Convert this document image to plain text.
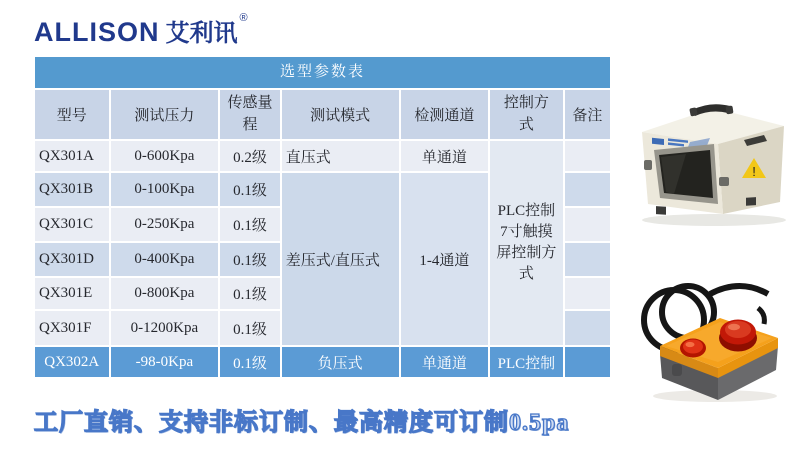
ALLISON 艾利讯®
选型参数表
型号	测试压力	传感量程	测试模式	检测通道	控制方式	备注
QX301A	0-600Kpa	0.2级	直压式	单通道	PLC控制7寸触摸屏控制方式	
QX301B	0-100Kpa	0.1级	差压式/直压式	1-4通道		
QX301C	0-250Kpa	0.1级				
QX301D	0-400Kpa	0.1级				
QX301E	0-800Kpa	0.1级				
QX301F	0-1200Kpa	0.1级				
QX302A	-98-0Kpa	0.1级	负压式	单通道	PLC控制	
!
工厂直销、支持非标订制、最高精度可订制0.5pa
